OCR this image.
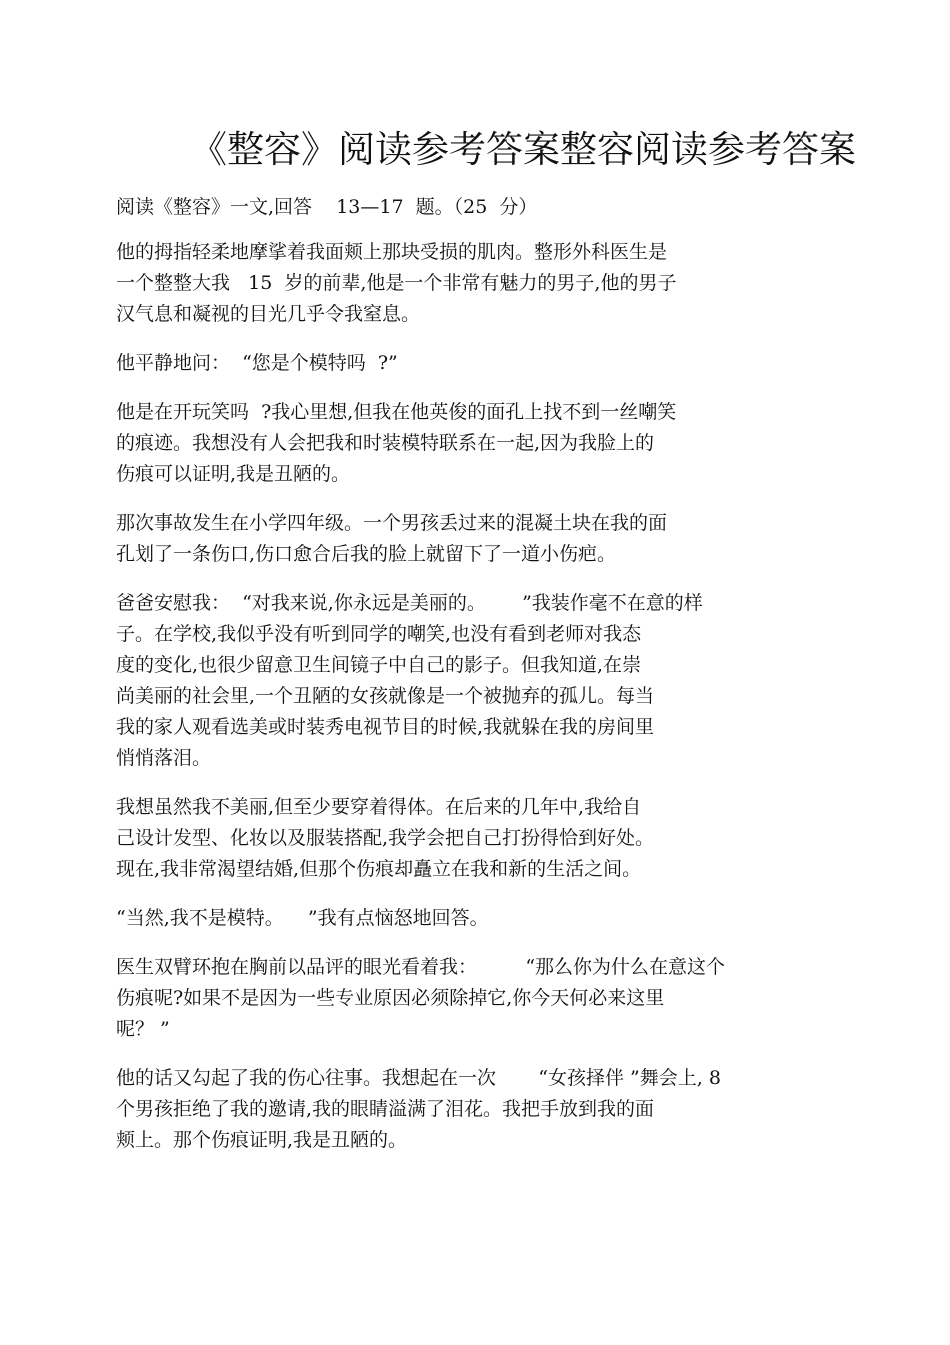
《整容》阅读参考答案整容阅读参考答案

阅读《整容》一文,回答    13—17  题。（25  分）

他的拇指轻柔地摩挲着我面颊上那块受损的肌肉。整形外科医生是
一个整整大我   15  岁的前辈,他是一个非常有魅力的男子,他的男子
汉气息和凝视的目光几乎令我窒息。

他平静地问：  “您是个模特吗  ?”

他是在开玩笑吗  ?我心里想,但我在他英俊的面孔上找不到一丝嘲笑
的痕迹。我想没有人会把我和时装模特联系在一起,因为我脸上的
伤痕可以证明,我是丑陋的。

那次事故发生在小学四年级。一个男孩丢过来的混凝土块在我的面
孔划了一条伤口,伤口愈合后我的脸上就留下了一道小伤疤。

爸爸安慰我：  “对我来说,你永远是美丽的。      ”我装作毫不在意的样
子。在学校,我似乎没有听到同学的嘲笑,也没有看到老师对我态
度的变化,也很少留意卫生间镜子中自己的影子。但我知道,在崇
尚美丽的社会里,一个丑陋的女孩就像是一个被抛弃的孤儿。每当
我的家人观看选美或时装秀电视节目的时候,我就躲在我的房间里
悄悄落泪。

我想虽然我不美丽,但至少要穿着得体。在后来的几年中,我给自
己设计发型、化妆以及服装搭配,我学会把自己打扮得恰到好处。
现在,我非常渴望结婚,但那个伤痕却矗立在我和新的生活之间。

“当然,我不是模特。    ”我有点恼怒地回答。

医生双臂环抱在胸前以品评的眼光看着我：        “那么你为什么在意这个
伤痕呢?如果不是因为一些专业原因必须除掉它,你今天何必来这里
呢？ ”

他的话又勾起了我的伤心往事。我想起在一次       “女孩择伴 ”舞会上, 8
个男孩拒绝了我的邀请,我的眼睛溢满了泪花。我把手放到我的面
颊上。那个伤痕证明,我是丑陋的。
